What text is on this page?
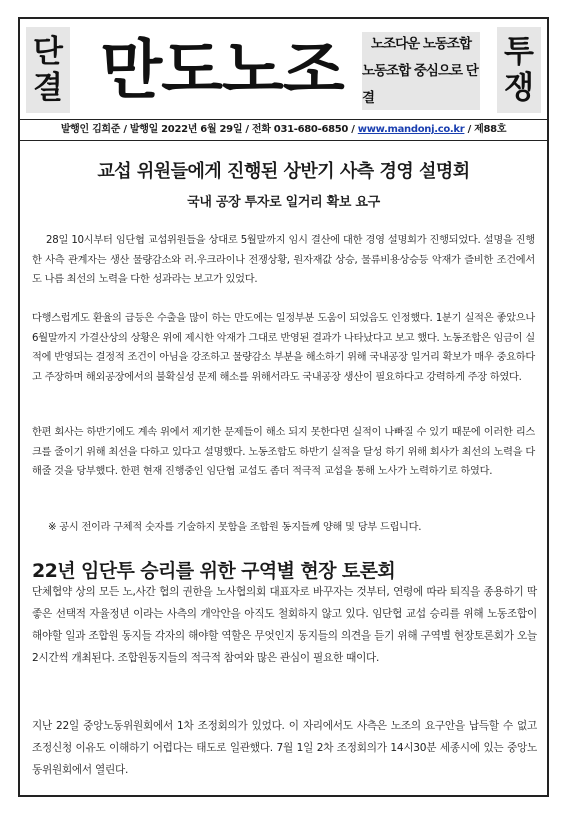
단
결 만도노조	노조다운 노동조합
노동조합 중심으로 단결
투
쟁
발행인 김희준 / 발행일 2022년 6월 29일 / 전화 031-680-6850 / www.mandonj.co.kr / 제88호
교섭 위원들에게 진행된 상반기 사측 경영 설명회
국내 공장 투자로 일거리 확보 요구
28일 10시부터 임단협 교섭위원들을 상대로 5월말까지 임시 결산에 대한 경영 설명회가 진행되었다. 설명을 진행한 사측 관계자는 생산 물량감소와 러.우크라이나 전쟁상황, 원자재값 상승, 물류비용상승등 악재가 즐비한 조건에서도 나름 최선의 노력을 다한 성과라는 보고가 있었다.
다행스럽게도 환율의 급등은 수출을 많이 하는 만도에는 일정부분 도움이 되었음도 인정했다. 1분기 실적은 좋았으나 6월말까지 가결산상의 상황은 위에 제시한 악재가 그대로 반영된 결과가 나타났다고 보고 했다. 노동조합은 임금이 실적에 반영되는 결정적 조건이 아님을 강조하고 물량감소 부분을 해소하기 위해 국내공장 일거리 확보가 매우 중요하다고 주장하며 해외공장에서의 불확실성 문제 해소를 위해서라도 국내공장 생산이 필요하다고 강력하게 주장 하였다.
한편 회사는 하반기에도 계속 위에서 제기한 문제들이 해소 되지 못한다면 실적이 나빠질 수 있기 때문에 이러한 리스크를 줄이기 위해 최선을 다하고 있다고 설명했다. 노동조합도 하반기 실적을 달성 하기 위해 회사가 최선의 노력을 다 해줄 것을 당부했다. 한편 현재 진행중인 임단협 교섭도 좀더 적극적 교섭을 통해 노사가 노력하기로 하였다.
※ 공시 전이라 구체적 숫자를 기술하지 못함을 조합원 동지들께 양해 및 당부 드립니다.
22년 임단투 승리를 위한 구역별 현장 토론회
단체협약 상의 모든 노,사간 협의 권한을 노사협의회 대표자로 바꾸자는 것부터, 연령에 따라 퇴직을 종용하기 딱 좋은 선택적 자율정년 이라는 사측의 개악안을 아직도 철회하지 않고 있다. 임단협 교섭 승리를 위해 노동조합이 해야할 일과 조합원 동지들 각자의 해야할 역할은 무엇인지 동지들의 의견을 듣기 위해 구역별 현장토론회가 오늘 2시간씩 개최된다. 조합원동지들의 적극적 참여와 많은 관심이 필요한 때이다.
지난 22일 중앙노동위원회에서 1차 조정회의가 있었다. 이 자리에서도 사측은 노조의 요구안을 납득할 수 없고 조정신청 이유도 이해하기 어렵다는 태도로 일관했다. 7월 1일 2차 조정회의가 14시30분 세종시에 있는 중앙노동위원회에서 열린다.
